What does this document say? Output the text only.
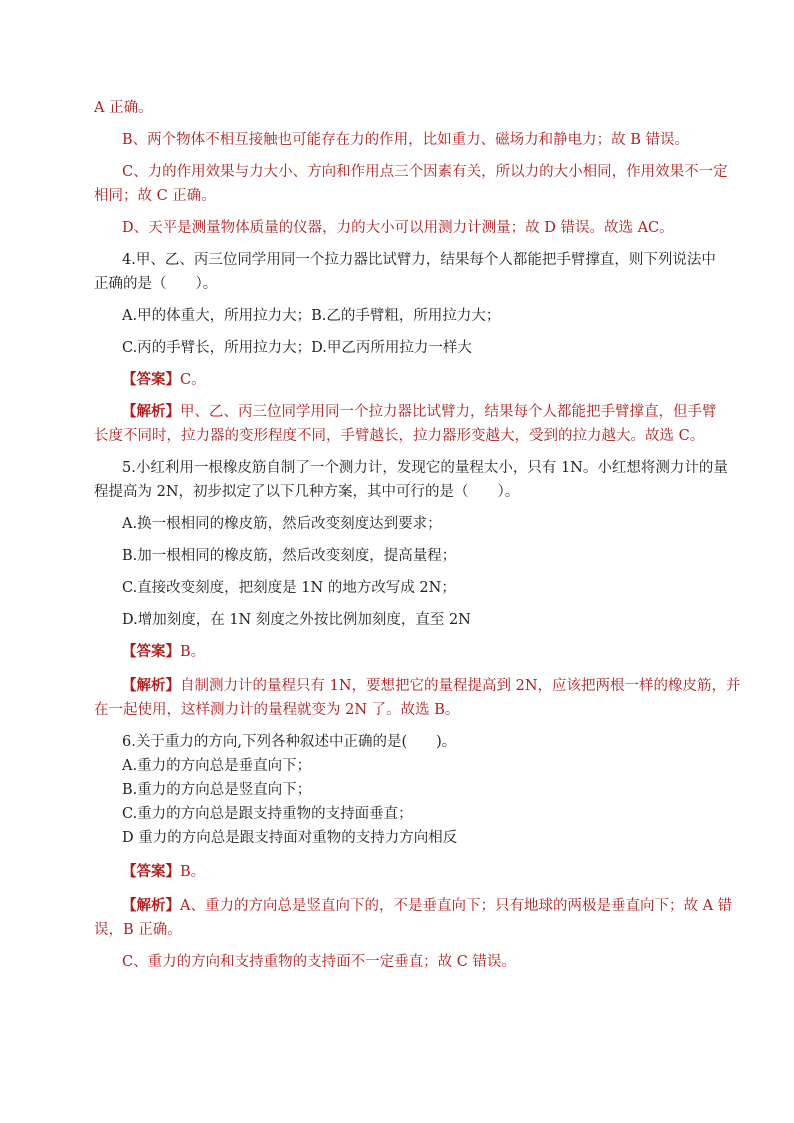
A 正确。

B、两个物体不相互接触也可能存在力的作用，比如重力、磁场力和静电力；故 B 错误。

C、力的作用效果与力大小、方向和作用点三个因素有关，所以力的大小相同，作用效果不一定

相同；故 C 正确。

D、天平是测量物体质量的仪器，力的大小可以用测力计测量；故 D 错误。故选 AC。

4.甲、乙、丙三位同学用同一个拉力器比试臂力，结果每个人都能把手臂撑直，则下列说法中

正确的是（　　）。

A.甲的体重大，所用拉力大；B.乙的手臂粗，所用拉力大；

C.丙的手臂长，所用拉力大；D.甲乙丙所用拉力一样大

【答案】C。

【解析】甲、乙、丙三位同学用同一个拉力器比试臂力，结果每个人都能把手臂撑直，但手臂

长度不同时，拉力器的变形程度不同，手臂越长，拉力器形变越大，受到的拉力越大。故选 C。

5.小红利用一根橡皮筋自制了一个测力计，发现它的量程太小，只有 1N。小红想将测力计的量

程提高为 2N，初步拟定了以下几种方案，其中可行的是（　　）。

A.换一根相同的橡皮筋，然后改变刻度达到要求；

B.加一根相同的橡皮筋，然后改变刻度，提高量程；

C.直接改变刻度，把刻度是 1N 的地方改写成 2N；

D.增加刻度，在 1N 刻度之外按比例加刻度，直至 2N

【答案】B。

【解析】自制测力计的量程只有 1N，要想把它的量程提高到 2N，应该把两根一样的橡皮筋，并

在一起使用，这样测力计的量程就变为 2N 了。故选 B。

6.关于重力的方向,下列各种叙述中正确的是(　　)。

A.重力的方向总是垂直向下；

B.重力的方向总是竖直向下；

C.重力的方向总是跟支持重物的支持面垂直；

D 重力的方向总是跟支持面对重物的支持力方向相反

【答案】B。

【解析】A、重力的方向总是竖直向下的，不是垂直向下；只有地球的两极是垂直向下；故 A 错

误，B 正确。

C、重力的方向和支持重物的支持面不一定垂直；故 C 错误。
